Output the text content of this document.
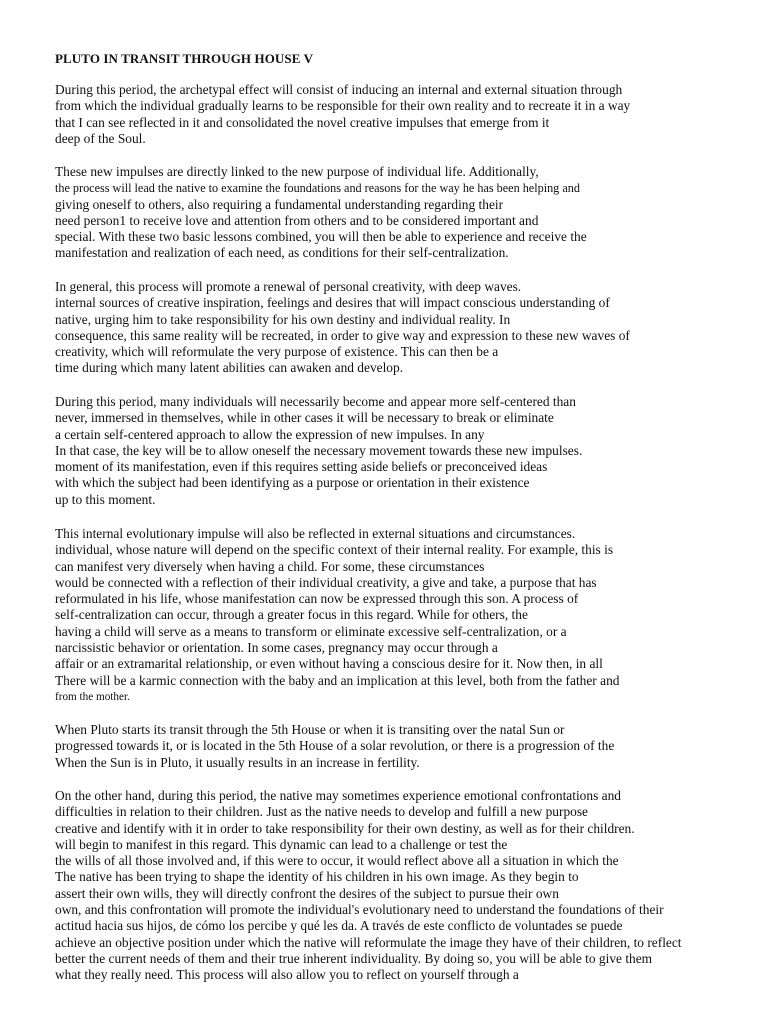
PLUTO IN TRANSIT THROUGH HOUSE V
During this period, the archetypal effect will consist of inducing an internal and external situation through
from which the individual gradually learns to be responsible for their own reality and to recreate it in a way
that I can see reflected in it and consolidated the novel creative impulses that emerge from it
deep of the Soul.
These new impulses are directly linked to the new purpose of individual life. Additionally,
the process will lead the native to examine the foundations and reasons for the way he has been helping and
giving oneself to others, also requiring a fundamental understanding regarding their
need person1 to receive love and attention from others and to be considered important and
special. With these two basic lessons combined, you will then be able to experience and receive the
manifestation and realization of each need, as conditions for their self-centralization.
In general, this process will promote a renewal of personal creativity, with deep waves.
internal sources of creative inspiration, feelings and desires that will impact conscious understanding of
native, urging him to take responsibility for his own destiny and individual reality. In
consequence, this same reality will be recreated, in order to give way and expression to these new waves of
creativity, which will reformulate the very purpose of existence. This can then be a
time during which many latent abilities can awaken and develop.
During this period, many individuals will necessarily become and appear more self-centered than
never, immersed in themselves, while in other cases it will be necessary to break or eliminate
a certain self-centered approach to allow the expression of new impulses. In any
In that case, the key will be to allow oneself the necessary movement towards these new impulses.
moment of its manifestation, even if this requires setting aside beliefs or preconceived ideas
with which the subject had been identifying as a purpose or orientation in their existence
up to this moment.
This internal evolutionary impulse will also be reflected in external situations and circumstances.
individual, whose nature will depend on the specific context of their internal reality. For example, this is
can manifest very diversely when having a child. For some, these circumstances
would be connected with a reflection of their individual creativity, a give and take, a purpose that has
reformulated in his life, whose manifestation can now be expressed through this son. A process of
self-centralization can occur, through a greater focus in this regard. While for others, the
having a child will serve as a means to transform or eliminate excessive self-centralization, or a
narcissistic behavior or orientation. In some cases, pregnancy may occur through a
affair or an extramarital relationship, or even without having a conscious desire for it. Now then, in all
There will be a karmic connection with the baby and an implication at this level, both from the father and
from the mother.
When Pluto starts its transit through the 5th House or when it is transiting over the natal Sun or
progressed towards it, or is located in the 5th House of a solar revolution, or there is a progression of the
When the Sun is in Pluto, it usually results in an increase in fertility.
On the other hand, during this period, the native may sometimes experience emotional confrontations and
difficulties in relation to their children. Just as the native needs to develop and fulfill a new purpose
creative and identify with it in order to take responsibility for their own destiny, as well as for their children.
will begin to manifest in this regard. This dynamic can lead to a challenge or test the
the wills of all those involved and, if this were to occur, it would reflect above all a situation in which the
The native has been trying to shape the identity of his children in his own image. As they begin to
assert their own wills, they will directly confront the desires of the subject to pursue their own
own, and this confrontation will promote the individual's evolutionary need to understand the foundations of their
actitud hacia sus hijos, de cómo los percibe y qué les da. A través de este conflicto de voluntades se puede
achieve an objective position under which the native will reformulate the image they have of their children, to reflect
better the current needs of them and their true inherent individuality. By doing so, you will be able to give them
what they really need. This process will also allow you to reflect on yourself through a
